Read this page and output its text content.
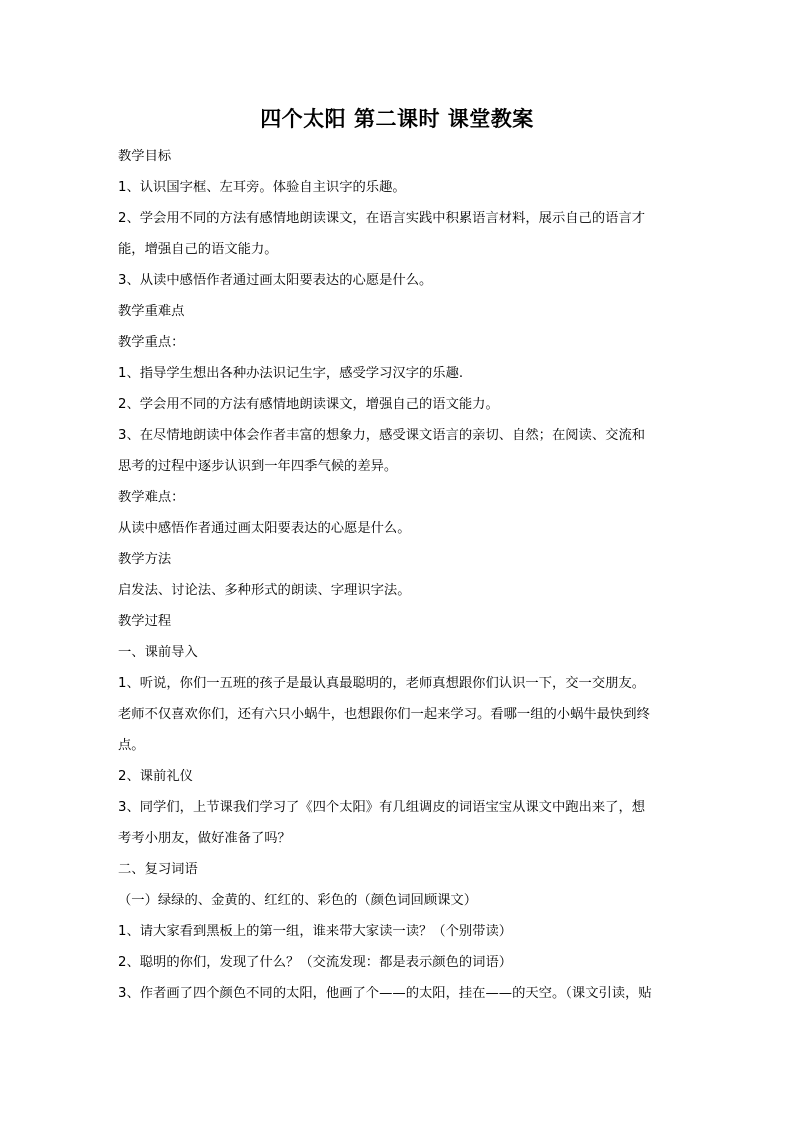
四个太阳 第二课时 课堂教案
教学目标
1、认识国字框、左耳旁。体验自主识字的乐趣。
2、学会用不同的方法有感情地朗读课文，在语言实践中积累语言材料，展示自己的语言才
能，增强自己的语文能力。
3、从读中感悟作者通过画太阳要表达的心愿是什么。
教学重难点
教学重点：
1、指导学生想出各种办法识记生字，感受学习汉字的乐趣.
2、学会用不同的方法有感情地朗读课文，增强自己的语文能力。
3、在尽情地朗读中体会作者丰富的想象力，感受课文语言的亲切、自然；在阅读、交流和
思考的过程中逐步认识到一年四季气候的差异。
教学难点：
从读中感悟作者通过画太阳要表达的心愿是什么。
教学方法
启发法、讨论法、多种形式的朗读、字理识字法。
教学过程
一、课前导入
1、听说，你们一五班的孩子是最认真最聪明的，老师真想跟你们认识一下，交一交朋友。
老师不仅喜欢你们，还有六只小蜗牛，也想跟你们一起来学习。看哪一组的小蜗牛最快到终
点。
2、课前礼仪
3、同学们，上节课我们学习了《四个太阳》有几组调皮的词语宝宝从课文中跑出来了，想
考考小朋友，做好准备了吗？
二、复习词语
（一）绿绿的、金黄的、红红的、彩色的（颜色词回顾课文）
1、请大家看到黑板上的第一组，谁来带大家读一读？（个别带读）
2、聪明的你们，发现了什么？（交流发现：都是表示颜色的词语）
3、作者画了四个颜色不同的太阳，他画了个——的太阳，挂在——的天空。（课文引读，贴
